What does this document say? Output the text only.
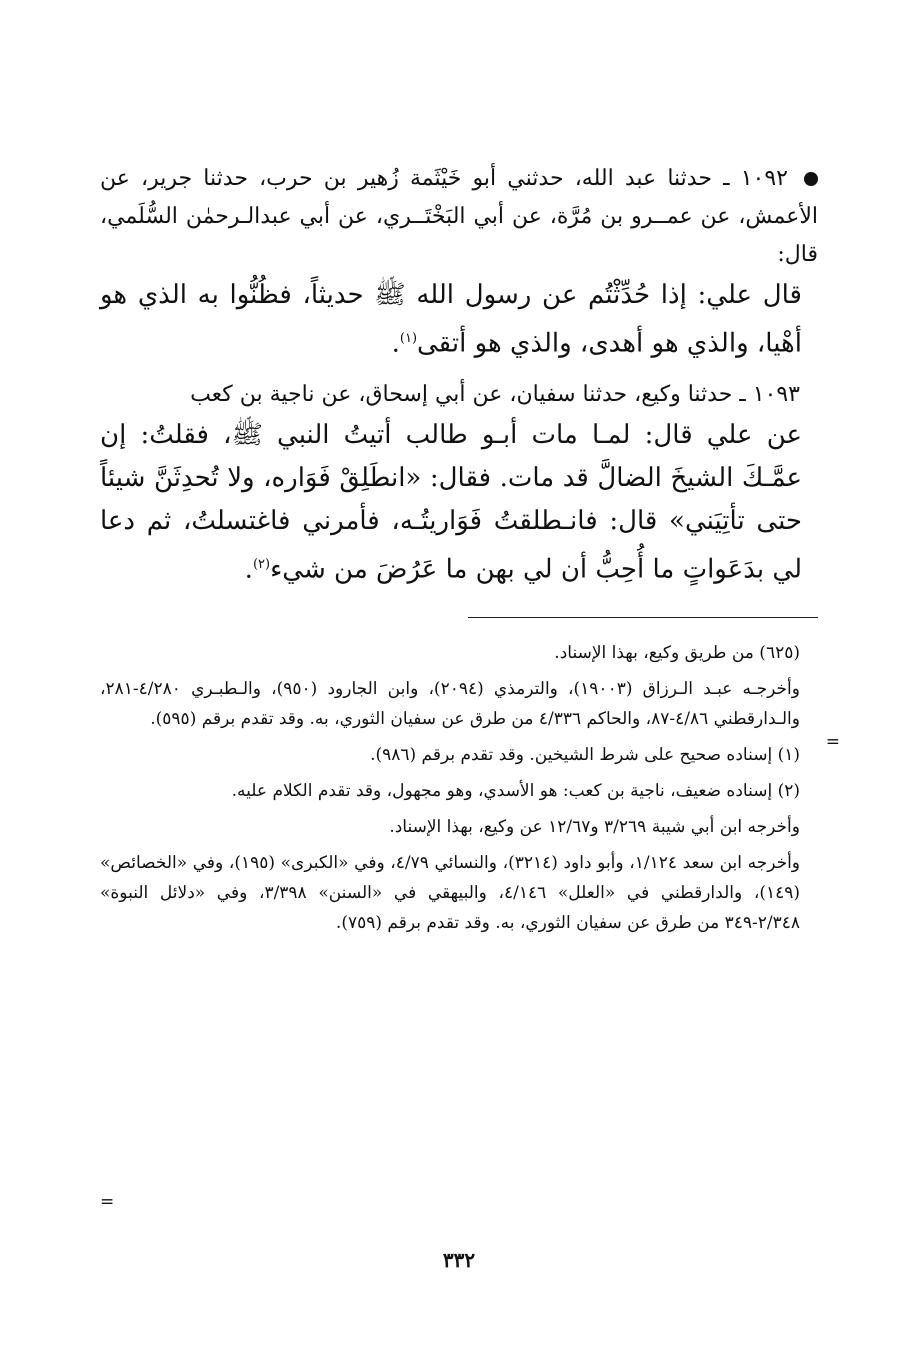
١٠٩٢ ـ حدثنا عبد الله، حدثني أبو خَيْثَمة زُهير بن حرب، حدثنا جرير، عن الأعمش، عن عمــرو بن مُرَّة، عن أبي البَخْتَــري، عن أبي عبدالـرحمٰن السُّلَمي، قال:

قال علي: إذا حُدِّثْتُم عن رسول الله ﷺ حديثاً، فظُنُّوا به الذي هو أهْيا، والذي هو أهدى، والذي هو أتقى$^{(١)}$.

١٠٩٣ ـ حدثنا وكيع، حدثنا سفيان، عن أبي إسحاق، عن ناجية بن كعب

عن علي قال: لمـا مات أبـو طالب أتيتُ النبي ﷺ، فقلتُ: إن عمَّـكَ الشيخَ الضالَّ قد مات. فقال: «انطَلِقْ فَوَاره، ولا تُحدِثَنَّ شيئاً حتى تأتِيَني» قال: فانـطلقتُ فَوَاريتُـه، فأمرني فاغتسلتُ، ثم دعا لي بدَعَواتٍ ما أُحِبُّ أن لي بهن ما عَرُضَ من شيء$^{(٢)}$.

(٦٢٥) من طريق وكيع، بهذا الإسناد.

وأخرجـه عبـد الـرزاق (١٩٠٠٣)، والترمذي (٢٠٩٤)، وابن الجارود (٩٥٠)، والـطبـري ٤/٢٨٠-٢٨١، والـدارقطني ٤/٨٦-٨٧، والحاكم ٤/٣٣٦ من طرق عن سفيان الثوري، به. وقد تقدم برقم (٥٩٥).

(١) إسناده صحيح على شرط الشيخين. وقد تقدم برقم (٩٨٦).

(٢) إسناده ضعيف، ناجية بن كعب: هو الأسدي، وهو مجهول، وقد تقدم الكلام عليه.

وأخرجه ابن أبي شيبة ٣/٢٦٩ و١٢/٦٧ عن وكيع، بهذا الإسناد.

وأخرجه ابن سعد ١/١٢٤، وأبو داود (٣٢١٤)، والنسائي ٤/٧٩، وفي «الكبرى» (١٩٥)، وفي «الخصائص» (١٤٩)، والدارقطني في «العلل» ٤/١٤٦، والبيهقي في «السنن» ٣/٣٩٨، وفي «دلائل النبوة» ٢/٣٤٨-٣٤٩ من طرق عن سفيان الثوري، به. وقد تقدم برقم (٧٥٩).

=
=
٣٣٢
